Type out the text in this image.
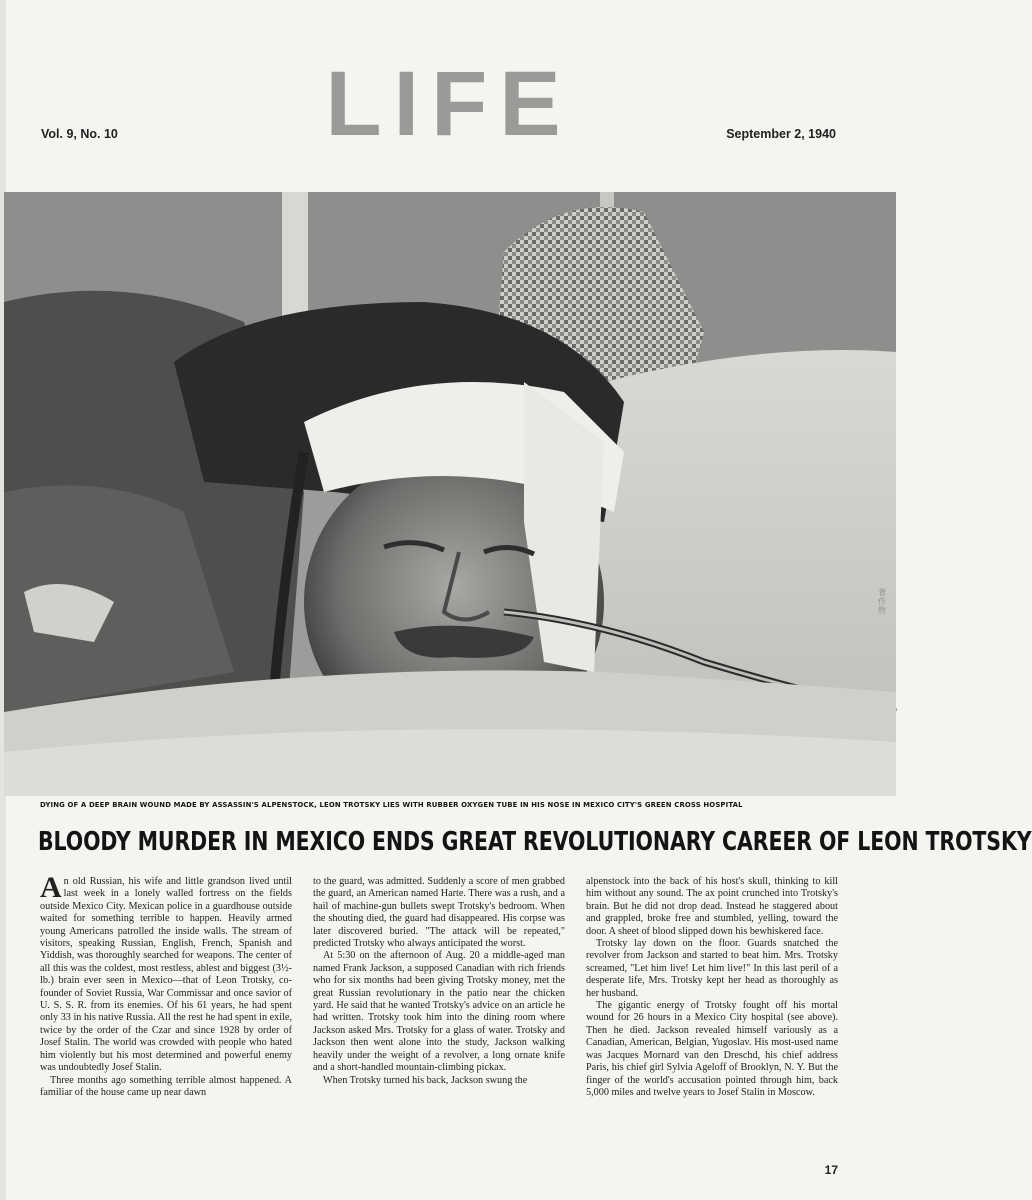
LIFE
Vol. 9, No. 10	September 2, 1940
DYING OF A DEEP BRAIN WOUND MADE BY ASSASSIN'S ALPENSTOCK, LEON TROTSKY LIES WITH RUBBER OXYGEN TUBE IN HIS NOSE IN MEXICO CITY'S GREEN CROSS HOSPITAL
BLOODY MURDER IN MEXICO ENDS GREAT REVOLUTIONARY CAREER OF LEON TROTSKY

An old Russian, his wife and little grandson lived until last week in a lonely walled fortress on the fields outside Mexico City. Mexican police in a guardhouse outside waited for something terrible to happen. Heavily armed young Americans patrolled the inside walls. The stream of visitors, speaking Russian, English, French, Spanish and Yiddish, was thoroughly searched for weapons. The center of all this was the coldest, most restless, ablest and biggest (3½-lb.) brain ever seen in Mexico—that of Leon Trotsky, co-founder of Soviet Russia, War Commissar and once savior of U. S. S. R. from its enemies. Of his 61 years, he had spent only 33 in his native Russia. All the rest he had spent in exile, twice by the order of the Czar and since 1928 by order of Josef Stalin. The world was crowded with people who hated him violently but his most determined and powerful enemy was undoubtedly Josef Stalin.

Three months ago something terrible almost happened. A familiar of the house came up near dawn

to the guard, was admitted. Suddenly a score of men grabbed the guard, an American named Harte. There was a rush, and a hail of machine-gun bullets swept Trotsky's bedroom. When the shouting died, the guard had disappeared. His corpse was later discovered buried. "The attack will be repeated," predicted Trotsky who always anticipated the worst.

At 5:30 on the afternoon of Aug. 20 a middle-aged man named Frank Jackson, a supposed Canadian with rich friends who for six months had been giving Trotsky money, met the great Russian revolutionary in the patio near the chicken yard. He said that he wanted Trotsky's advice on an article he had written. Trotsky took him into the dining room where Jackson asked Mrs. Trotsky for a glass of water. Trotsky and Jackson then went alone into the study, Jackson walking heavily under the weight of a revolver, a long ornate knife and a short-handled mountain-climbing pickax.

When Trotsky turned his back, Jackson swung the

alpenstock into the back of his host's skull, thinking to kill him without any sound. The ax point crunched into Trotsky's brain. But he did not drop dead. Instead he staggered about and grappled, broke free and stumbled, yelling, toward the door. A sheet of blood slipped down his bewhiskered face.

Trotsky lay down on the floor. Guards snatched the revolver from Jackson and started to beat him. Mrs. Trotsky screamed, "Let him live! Let him live!" In this last peril of a desperate life, Mrs. Trotsky kept her head as thoroughly as her husband.

The gigantic energy of Trotsky fought off his mortal wound for 26 hours in a Mexico City hospital (see above). Then he died. Jackson revealed himself variously as a Canadian, American, Belgian, Yugoslav. His most-used name was Jacques Mornard van den Dreschd, his chief address Paris, his chief girl Sylvia Ageloff of Brooklyn, N. Y. But the finger of the world's accusation pointed through him, back 5,000 miles and twelve years to Josef Stalin in Moscow.

著作物
17
